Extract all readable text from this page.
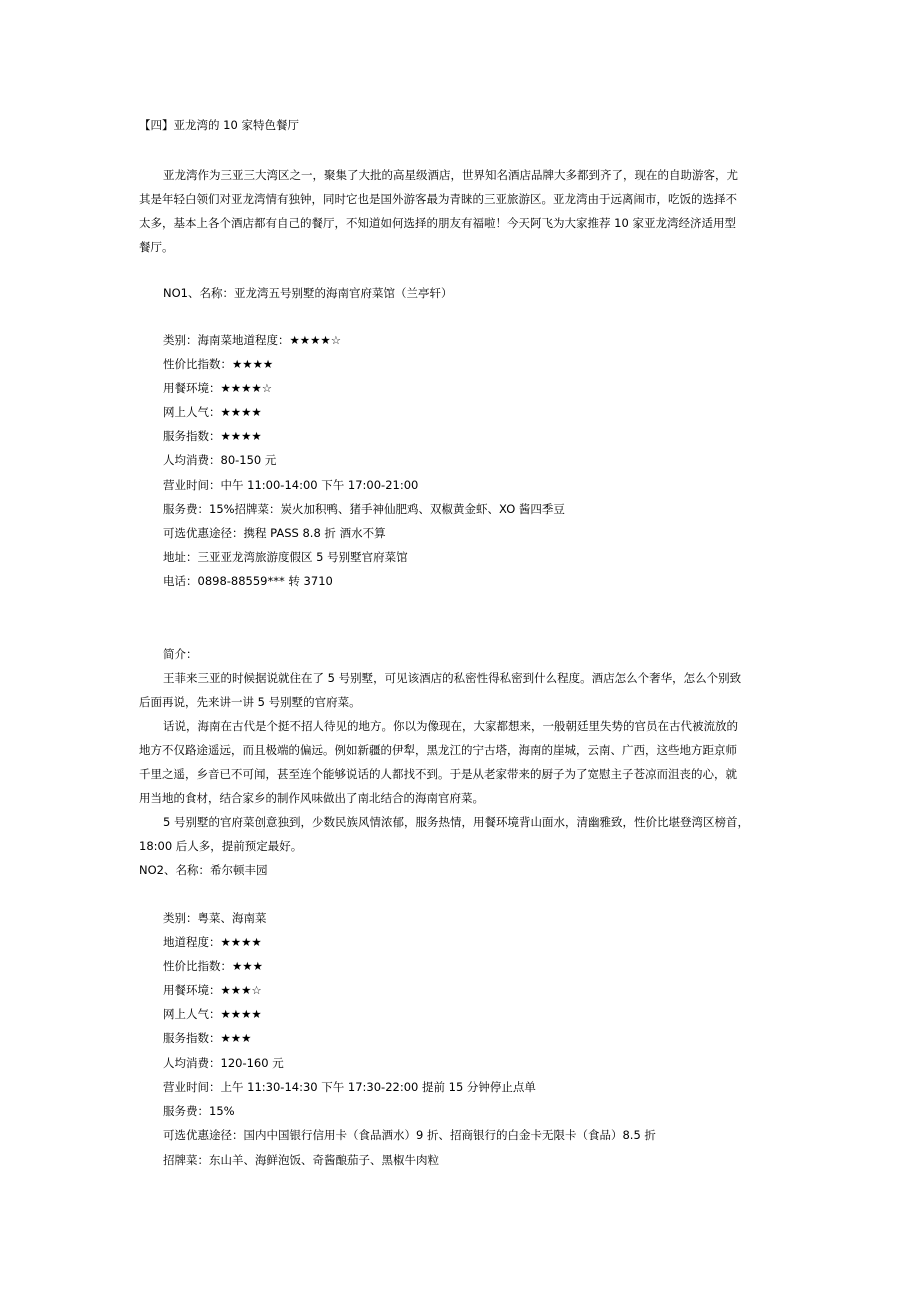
【四】亚龙湾的 10 家特色餐厅
亚龙湾作为三亚三大湾区之一，聚集了大批的高星级酒店，世界知名酒店品牌大多都到齐了，现在的自助游客，尤
其是年轻白领们对亚龙湾情有独钟，同时它也是国外游客最为青睐的三亚旅游区。亚龙湾由于远离闹市，吃饭的选择不
太多，基本上各个酒店都有自己的餐厅，不知道如何选择的朋友有福啦！今天阿飞为大家推荐 10 家亚龙湾经济适用型
餐厅。
NO1、名称：亚龙湾五号别墅的海南官府菜馆（兰亭轩）
类别：海南菜地道程度：★★★★☆
性价比指数：★★★★
用餐环境：★★★★☆
网上人气：★★★★
服务指数：★★★★
人均消费：80-150 元
营业时间：中午 11:00-14:00 下午 17:00-21:00
服务费：15%招牌菜：炭火加积鸭、猪手神仙肥鸡、双椒黄金虾、XO 酱四季豆
可选优惠途径：携程 PASS 8.8 折 酒水不算
地址：三亚亚龙湾旅游度假区 5 号别墅官府菜馆
电话：0898-88559*** 转 3710
简介：
王菲来三亚的时候据说就住在了 5 号别墅，可见该酒店的私密性得私密到什么程度。酒店怎么个奢华，怎么个别致
后面再说，先来讲一讲 5 号别墅的官府菜。
话说，海南在古代是个挺不招人待见的地方。你以为像现在，大家都想来，一般朝廷里失势的官员在古代被流放的
地方不仅路途遥远，而且极端的偏远。例如新疆的伊犁，黑龙江的宁古塔，海南的崖城，云南、广西，这些地方距京师
千里之遥，乡音已不可闻，甚至连个能够说话的人都找不到。于是从老家带来的厨子为了宽慰主子苍凉而沮丧的心，就
用当地的食材，结合家乡的制作风味做出了南北结合的海南官府菜。
5 号别墅的官府菜创意独到，少数民族风情浓郁，服务热情，用餐环境背山面水，清幽雅致，性价比堪登湾区榜首，
18:00 后人多，提前预定最好。
NO2、名称：希尔顿丰园
类别：粤菜、海南菜
地道程度：★★★★
性价比指数：★★★
用餐环境：★★★☆
网上人气：★★★★
服务指数：★★★
人均消费：120-160 元
营业时间：上午 11:30-14:30 下午 17:30-22:00 提前 15 分钟停止点单
服务费：15%
可选优惠途径：国内中国银行信用卡（食品酒水）9 折、招商银行的白金卡无限卡（食品）8.5 折
招牌菜：东山羊、海鲜泡饭、奇酱酿茄子、黑椒牛肉粒
